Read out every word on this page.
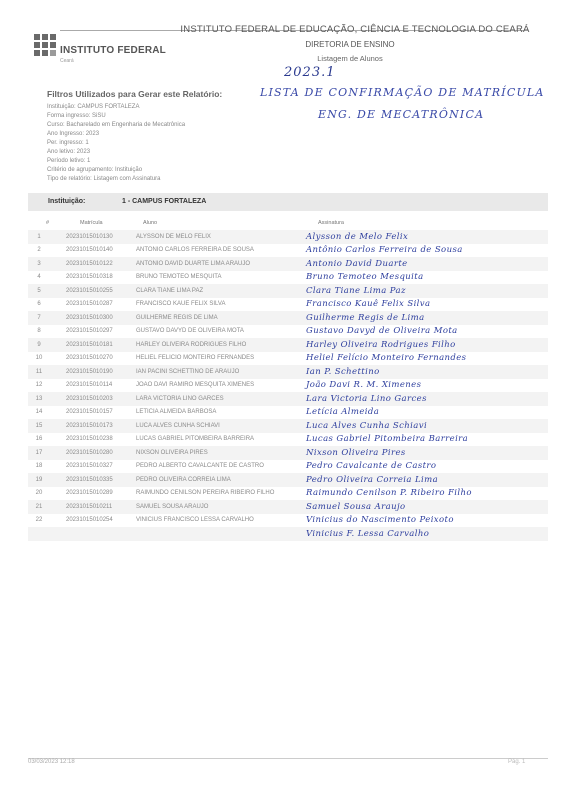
INSTITUTO FEDERAL
Ceará
INSTITUTO FEDERAL DE EDUCAÇÃO, CIÊNCIA E TECNOLOGIA DO CEARÁ
DIRETORIA DE ENSINO
Listagem de Alunos
2023.1
Filtros Utilizados para Gerar este Relatório:	LISTA DE CONFIRMAÇÃO DE MATRÍCULA
ENG. DE MECATRÔNICA
Instituição: CAMPUS FORTALEZA
Forma ingresso: SiSU
Curso: Bacharelado em Engenharia de Mecatrônica
Ano Ingresso: 2023
Per. ingresso: 1
Ano letivo: 2023
Período letivo: 1
Critério de agrupamento: Instituição
Tipo de relatório: Listagem com Assinatura
Instituição:	1 - CAMPUS FORTALEZA
#	Matrícula	Aluno	Assinatura
1	20231015010130	ALYSSON DE MELO FELIX	Alysson de Melo Felix
2	20231015010140	ANTONIO CARLOS FERREIRA DE SOUSA	Antônio Carlos Ferreira de Sousa
3	20231015010122	ANTONIO DAVID DUARTE LIMA ARAUJO	Antonio David Duarte
4	20231015010318	BRUNO TEMOTEO MESQUITA	Bruno Temoteo Mesquita
5	20231015010255	CLARA TIANE LIMA PAZ	Clara Tiane Lima Paz
6	20231015010287	FRANCISCO KAUE FELIX SILVA	Francisco Kauê Felix Silva
7	20231015010300	GUILHERME REGIS DE LIMA	Guilherme Regis de Lima
8	20231015010297	GUSTAVO DAVYD DE OLIVEIRA MOTA	Gustavo Davyd de Oliveira Mota
9	20231015010181	HARLEY OLIVEIRA RODRIGUES FILHO	Harley Oliveira Rodrigues Filho
10	20231015010270	HELIEL FELICIO MONTEIRO FERNANDES	Heliel Felício Monteiro Fernandes
11	20231015010190	IAN PACINI SCHETTINO DE ARAUJO	Ian P. Schettino
12	20231015010114	JOAO DAVI RAMIRO MESQUITA XIMENES	João Davi R. M. Ximenes
13	20231015010203	LARA VICTORIA LINO GARCES	Lara Victoria Lino Garces
14	20231015010157	LETICIA ALMEIDA BARBOSA	Letícia Almeida
15	20231015010173	LUCA ALVES CUNHA SCHIAVI	Luca Alves Cunha Schiavi
16	20231015010238	LUCAS GABRIEL PITOMBEIRA BARREIRA	Lucas Gabriel Pitombeira Barreira
17	20231015010280	NIXSON OLIVEIRA PIRES	Nixson Oliveira Pires
18	20231015010327	PEDRO ALBERTO CAVALCANTE DE CASTRO	Pedro Cavalcante de Castro
19	20231015010335	PEDRO OLIVEIRA CORREIA LIMA	Pedro Oliveira Correia Lima
20	20231015010289	RAIMUNDO CENILSON PEREIRA RIBEIRO FILHO	Raimundo Cenilson P. Ribeiro Filho
21	20231015010211	SAMUEL SOUSA ARAUJO	Samuel Sousa Araujo
22	20231015010254	VINICIUS FRANCISCO LESSA CARVALHO	Vinicius do Nascimento Peixoto
			Vinicius F. Lessa Carvalho
03/03/2023 12:18	Pág. 1
